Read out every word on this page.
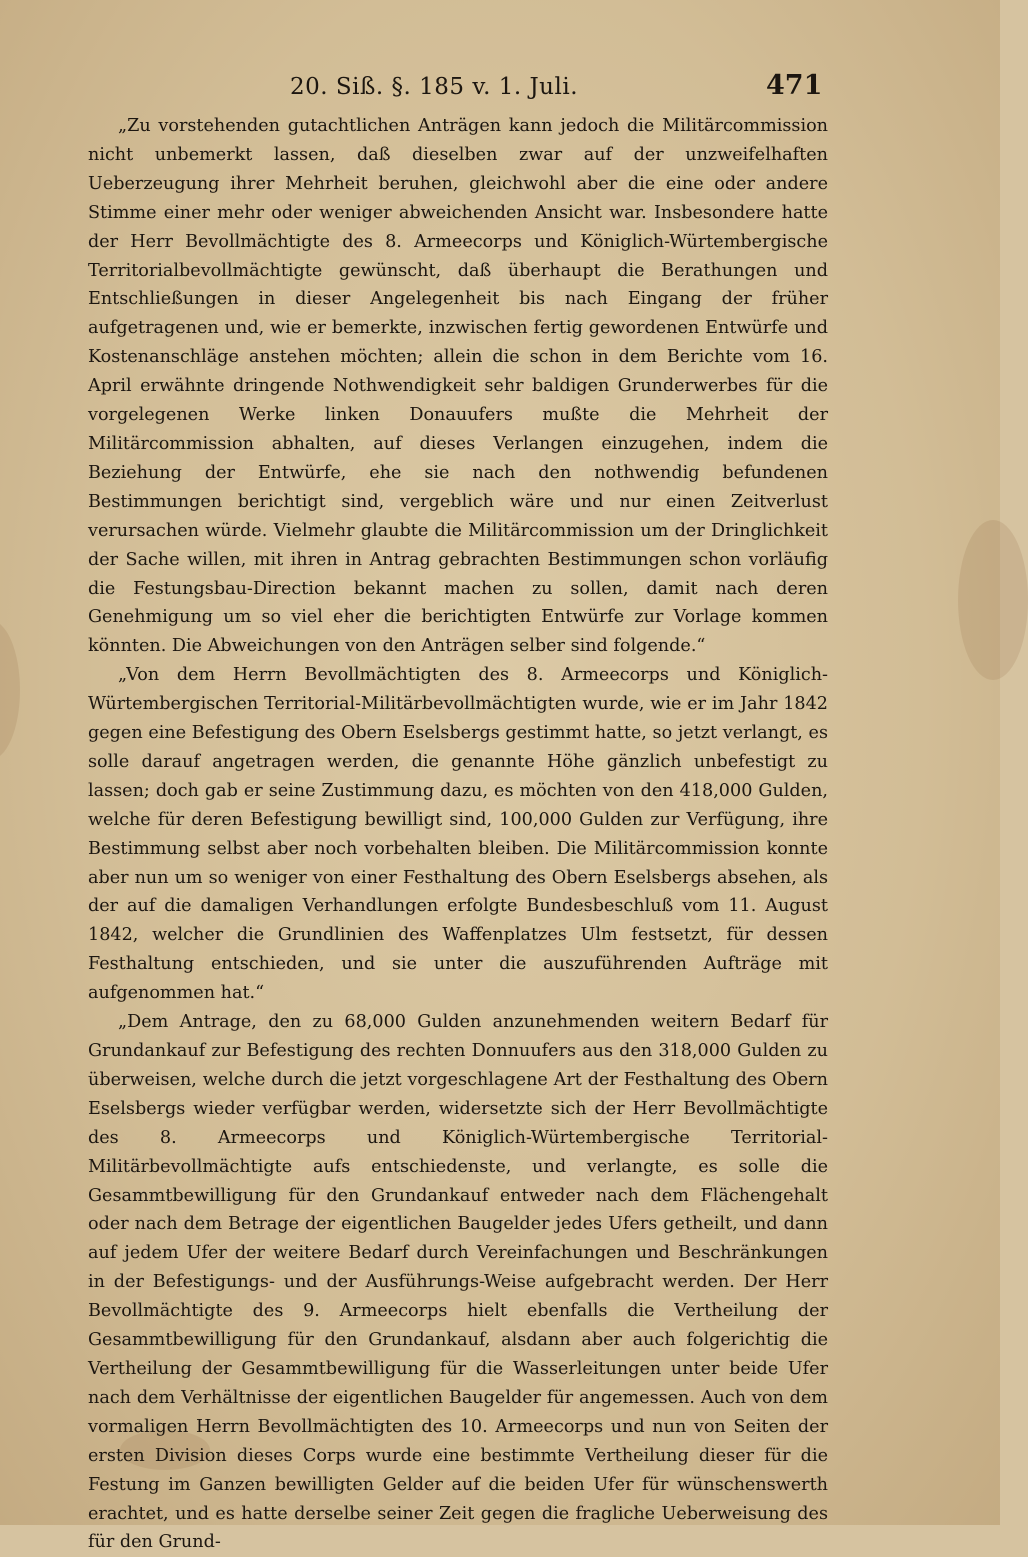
20. Siß. §. 185 v. 1. Juli.	471

„Zu vorstehenden gutachtlichen Anträgen kann jedoch die Militärcommission nicht unbemerkt lassen, daß dieselben zwar auf der unzweifelhaften Ueberzeugung ihrer Mehrheit beruhen, gleichwohl aber die eine oder andere Stimme einer mehr oder weniger abweichenden Ansicht war. Insbesondere hatte der Herr Bevollmächtigte des 8. Armeecorps und Königlich-Würtembergische Territorialbevollmächtigte gewünscht, daß überhaupt die Berathungen und Entschließungen in dieser Angelegenheit bis nach Eingang der früher aufgetragenen und, wie er bemerkte, inzwischen fertig gewordenen Entwürfe und Kostenanschläge anstehen möchten; allein die schon in dem Berichte vom 16. April erwähnte dringende Nothwendigkeit sehr baldigen Grunderwerbes für die vorgelegenen Werke linken Donauufers mußte die Mehrheit der Militärcommission abhalten, auf dieses Verlangen einzugehen, indem die Beziehung der Entwürfe, ehe sie nach den nothwendig befundenen Bestimmungen berichtigt sind, vergeblich wäre und nur einen Zeitverlust verursachen würde. Vielmehr glaubte die Militärcommission um der Dringlichkeit der Sache willen, mit ihren in Antrag gebrachten Bestimmungen schon vorläufig die Festungsbau-Direction bekannt machen zu sollen, damit nach deren Genehmigung um so viel eher die berichtigten Entwürfe zur Vorlage kommen könnten. Die Abweichungen von den Anträgen selber sind folgende.“

„Von dem Herrn Bevollmächtigten des 8. Armeecorps und Königlich-Würtembergischen Territorial-Militärbevollmächtigten wurde, wie er im Jahr 1842 gegen eine Befestigung des Obern Eselsbergs gestimmt hatte, so jetzt verlangt, es solle darauf angetragen werden, die genannte Höhe gänzlich unbefestigt zu lassen; doch gab er seine Zustimmung dazu, es möchten von den 418,000 Gulden, welche für deren Befestigung bewilligt sind, 100,000 Gulden zur Verfügung, ihre Bestimmung selbst aber noch vorbehalten bleiben. Die Militärcommission konnte aber nun um so weniger von einer Festhaltung des Obern Eselsbergs absehen, als der auf die damaligen Verhandlungen erfolgte Bundesbeschluß vom 11. August 1842, welcher die Grundlinien des Waffenplatzes Ulm festsetzt, für dessen Festhaltung entschieden, und sie unter die auszuführenden Aufträge mit aufgenommen hat.“

„Dem Antrage, den zu 68,000 Gulden anzunehmenden weitern Bedarf für Grundankauf zur Befestigung des rechten Donnuufers aus den 318,000 Gulden zu überweisen, welche durch die jetzt vorgeschlagene Art der Festhaltung des Obern Eselsbergs wieder verfügbar werden, widersetzte sich der Herr Bevollmächtigte des 8. Armeecorps und Königlich-Würtembergische Territorial-Militärbevollmächtigte aufs entschiedenste, und verlangte, es solle die Gesammtbewilligung für den Grundankauf entweder nach dem Flächengehalt oder nach dem Betrage der eigentlichen Baugelder jedes Ufers getheilt, und dann auf jedem Ufer der weitere Bedarf durch Vereinfachungen und Beschränkungen in der Befestigungs- und der Ausführungs-Weise aufgebracht werden. Der Herr Bevollmächtigte des 9. Armeecorps hielt ebenfalls die Vertheilung der Gesammtbewilligung für den Grundankauf, alsdann aber auch folgerichtig die Vertheilung der Gesammtbewilligung für die Wasserleitungen unter beide Ufer nach dem Verhältnisse der eigentlichen Baugelder für angemessen. Auch von dem vormaligen Herrn Bevollmächtigten des 10. Armeecorps und nun von Seiten der ersten Division dieses Corps wurde eine bestimmte Vertheilung dieser für die Festung im Ganzen bewilligten Gelder auf die beiden Ufer für wünschenswerth erachtet, und es hatte derselbe seiner Zeit gegen die fragliche Ueberweisung des für den Grund-
